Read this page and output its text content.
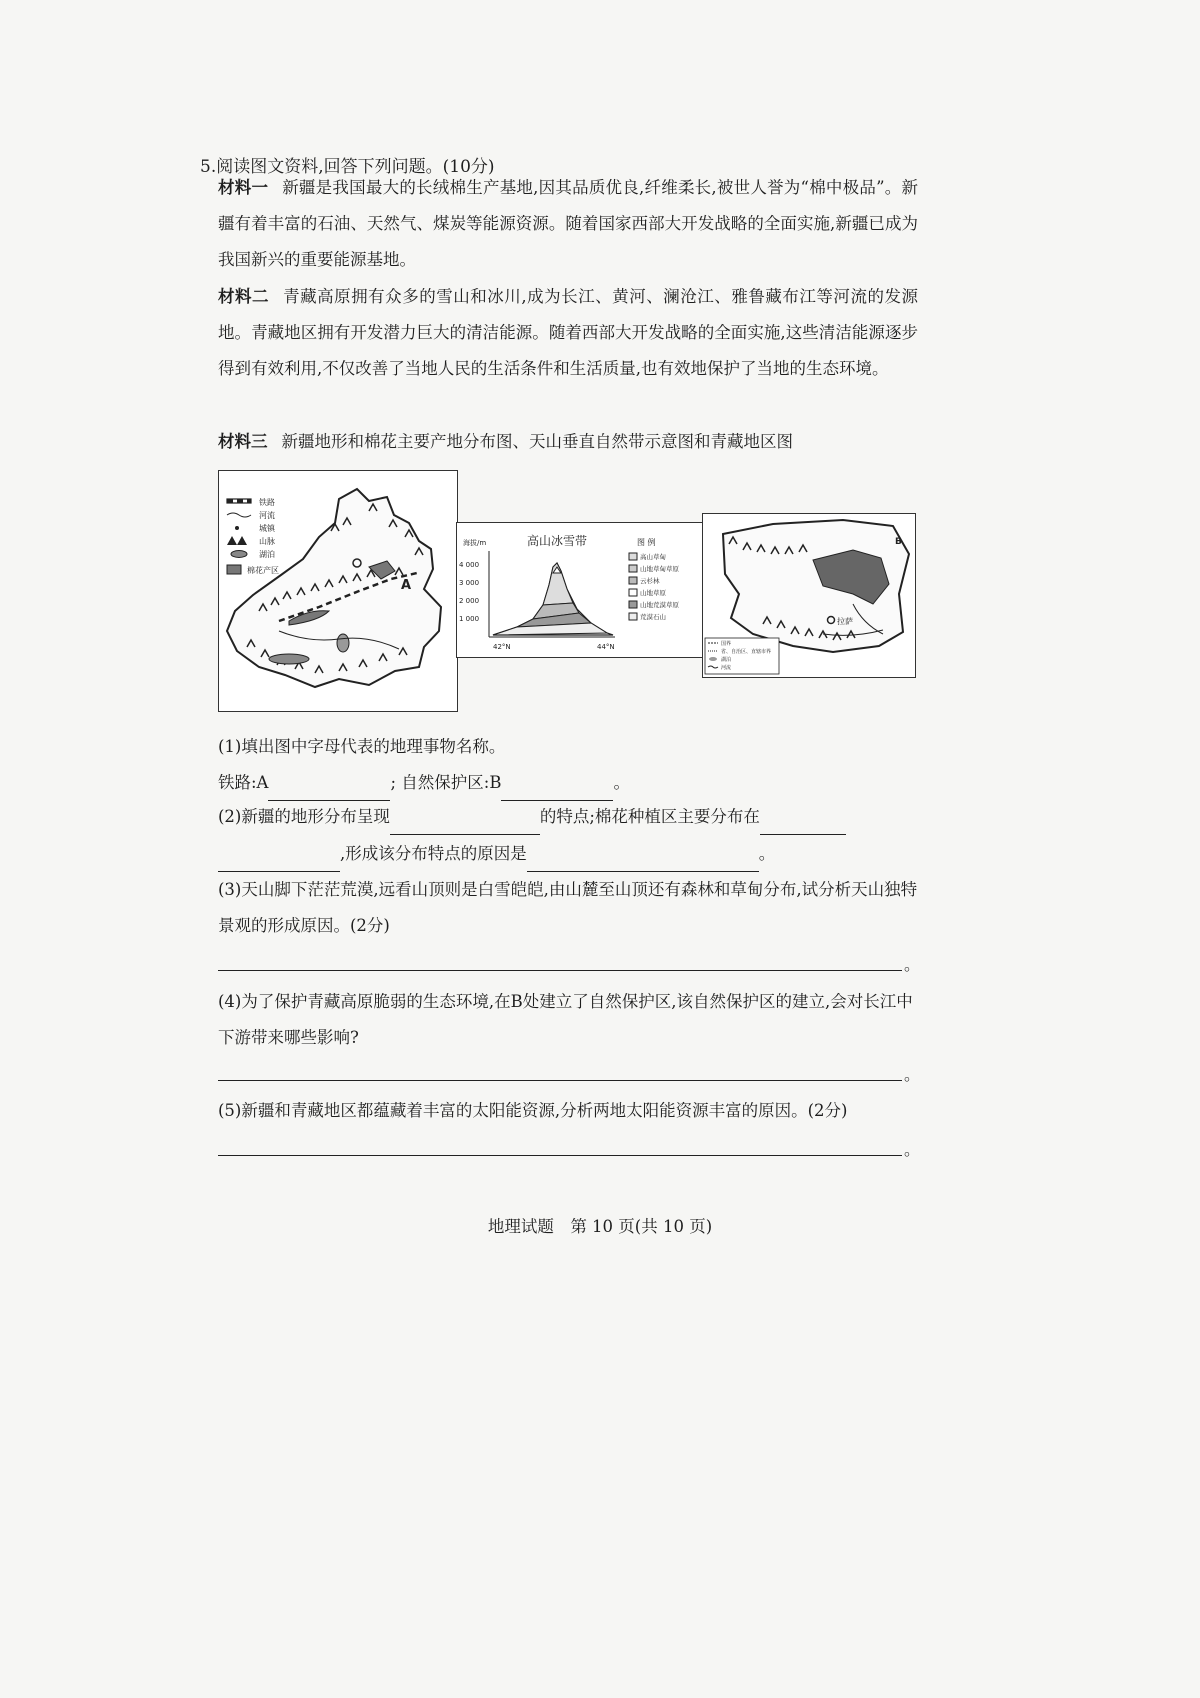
5.阅读图文资料,回答下列问题。(10分)
材料一 新疆是我国最大的长绒棉生产基地,因其品质优良,纤维柔长,被世人誉为“棉中极品”。新疆有着丰富的石油、天然气、煤炭等能源资源。随着国家西部大开发战略的全面实施,新疆已成为我国新兴的重要能源基地。
材料二 青藏高原拥有众多的雪山和冰川,成为长江、黄河、澜沧江、雅鲁藏布江等河流的发源地。青藏地区拥有开发潜力巨大的清洁能源。随着西部大开发战略的全面实施,这些清洁能源逐步得到有效利用,不仅改善了当地人民的生活条件和生活质量,也有效地保护了当地的生态环境。
材料三 新疆地形和棉花主要产地分布图、天山垂直自然带示意图和青藏地区图
铁路
河流
城镇
山脉
湖泊
棉花产区
A
高山冰雪带
海拔/m
4 000
3 000
2 000
1 000
42°N	44°N
图 例
高山草甸
山地草甸草原
云杉林
山地草原
山地荒漠草原
荒漠石山	拉萨
B
国界
省、自治区、直辖市界
湖泊
河流
(1)填出图中字母代表的地理事物名称。
铁路:A	; 自然保护区:B	。
(2)新疆的地形分布呈现	的特点;棉花种植区主要分布在
,形成该分布特点的原因是	。
(3)天山脚下茫茫荒漠,远看山顶则是白雪皑皑,由山麓至山顶还有森林和草甸分布,试分析天山独特景观的形成原因。(2分)
。
(4)为了保护青藏高原脆弱的生态环境,在B处建立了自然保护区,该自然保护区的建立,会对长江中下游带来哪些影响?
。
(5)新疆和青藏地区都蕴藏着丰富的太阳能资源,分析两地太阳能资源丰富的原因。(2分)
。
地理试题　第 10 页(共 10 页)
